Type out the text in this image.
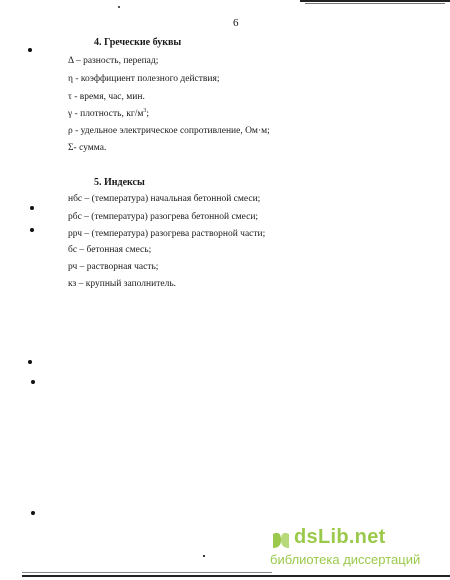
6
4. Греческие буквы
Δ – разность, перепад;
η - коэффициент полезного действия;
τ - время, час, мин.
γ - плотность, $кг/м^3$;
ρ - удельное электрическое сопротивление, Ом·м;
Σ- сумма.
5. Индексы
нбс – (температура) начальная бетонной смеси;
рбс – (температура) разогрева бетонной смеси;
ррч – (температура) разогрева растворной части;
бс – бетонная смесь;
рч – растворная часть;
кз – крупный заполнитель.
dsLib.net
библиотека диссертаций
